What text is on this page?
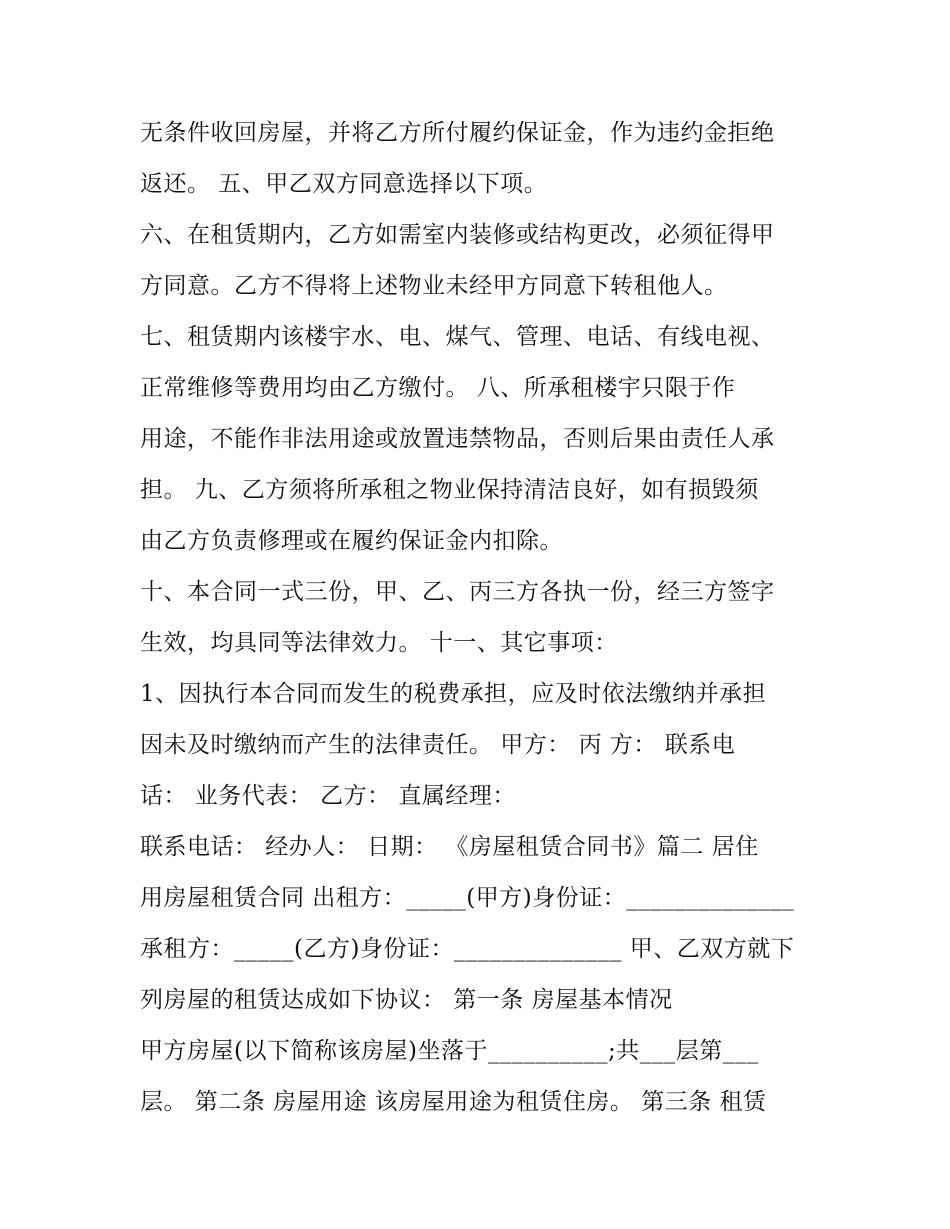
无条件收回房屋，并将乙方所付履约保证金，作为违约金拒绝
返还。 五、甲乙双方同意选择以下项。
六、在租赁期内，乙方如需室内装修或结构更改，必须征得甲
方同意。乙方不得将上述物业未经甲方同意下转租他人。
七、租赁期内该楼宇水、电、煤气、管理、电话、有线电视、
正常维修等费用均由乙方缴付。 八、所承租楼宇只限于作
用途，不能作非法用途或放置违禁物品，否则后果由责任人承
担。 九、乙方须将所承租之物业保持清洁良好，如有损毁须
由乙方负责修理或在履约保证金内扣除。
十、本合同一式三份，甲、乙、丙三方各执一份，经三方签字
生效，均具同等法律效力。 十一、其它事项：
1、因执行本合同而发生的税费承担，应及时依法缴纳并承担
因未及时缴纳而产生的法律责任。 甲方： 丙 方： 联系电
话： 业务代表： 乙方： 直属经理：
联系电话： 经办人： 日期： 《房屋租赁合同书》篇二 居住
用房屋租赁合同 出租方：_____(甲方)身份证：______________
承租方：_____(乙方)身份证：______________ 甲、乙双方就下
列房屋的租赁达成如下协议： 第一条 房屋基本情况
甲方房屋(以下简称该房屋)坐落于__________;共___层第___
层。 第二条 房屋用途 该房屋用途为租赁住房。 第三条 租赁
